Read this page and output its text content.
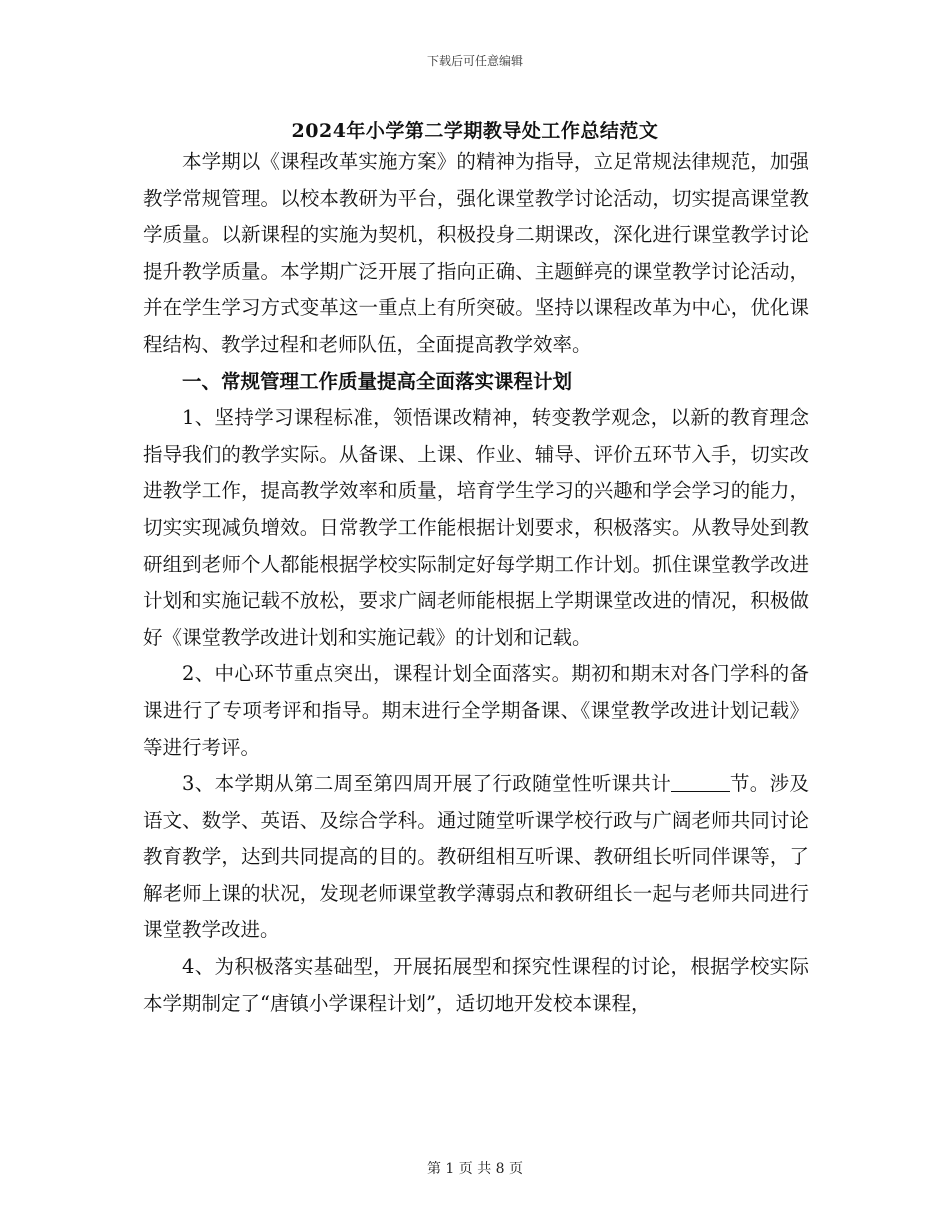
下载后可任意编辑
2024年小学第二学期教导处工作总结范文

本学期以《课程改革实施方案》的精神为指导，立足常规法律规范，加强教学常规管理。以校本教研为平台，强化课堂教学讨论活动，切实提高课堂教学质量。以新课程的实施为契机，积极投身二期课改，深化进行课堂教学讨论提升教学质量。本学期广泛开展了指向正确、主题鲜亮的课堂教学讨论活动，并在学生学习方式变革这一重点上有所突破。坚持以课程改革为中心，优化课程结构、教学过程和老师队伍，全面提高教学效率。

一、常规管理工作质量提高全面落实课程计划

1、坚持学习课程标准，领悟课改精神，转变教学观念，以新的教育理念指导我们的教学实际。从备课、上课、作业、辅导、评价五环节入手，切实改进教学工作，提高教学效率和质量，培育学生学习的兴趣和学会学习的能力，切实实现减负增效。日常教学工作能根据计划要求，积极落实。从教导处到教研组到老师个人都能根据学校实际制定好每学期工作计划。抓住课堂教学改进计划和实施记载不放松，要求广阔老师能根据上学期课堂改进的情况，积极做好《课堂教学改进计划和实施记载》的计划和记载。

2、中心环节重点突出，课程计划全面落实。期初和期末对各门学科的备课进行了专项考评和指导。期末进行全学期备课、《课堂教学改进计划记载》等进行考评。

3、本学期从第二周至第四周开展了行政随堂性听课共计	节。涉及语文、数学、英语、及综合学科。通过随堂听课学校行政与广阔老师共同讨论教育教学，达到共同提高的目的。教研组相互听课、教研组长听同伴课等，了解老师上课的状况，发现老师课堂教学薄弱点和教研组长一起与老师共同进行课堂教学改进。

4、为积极落实基础型，开展拓展型和探究性课程的讨论，根据学校实际本学期制定了“唐镇小学课程计划”，适切地开发校本课程，

第 1 页 共 8 页
